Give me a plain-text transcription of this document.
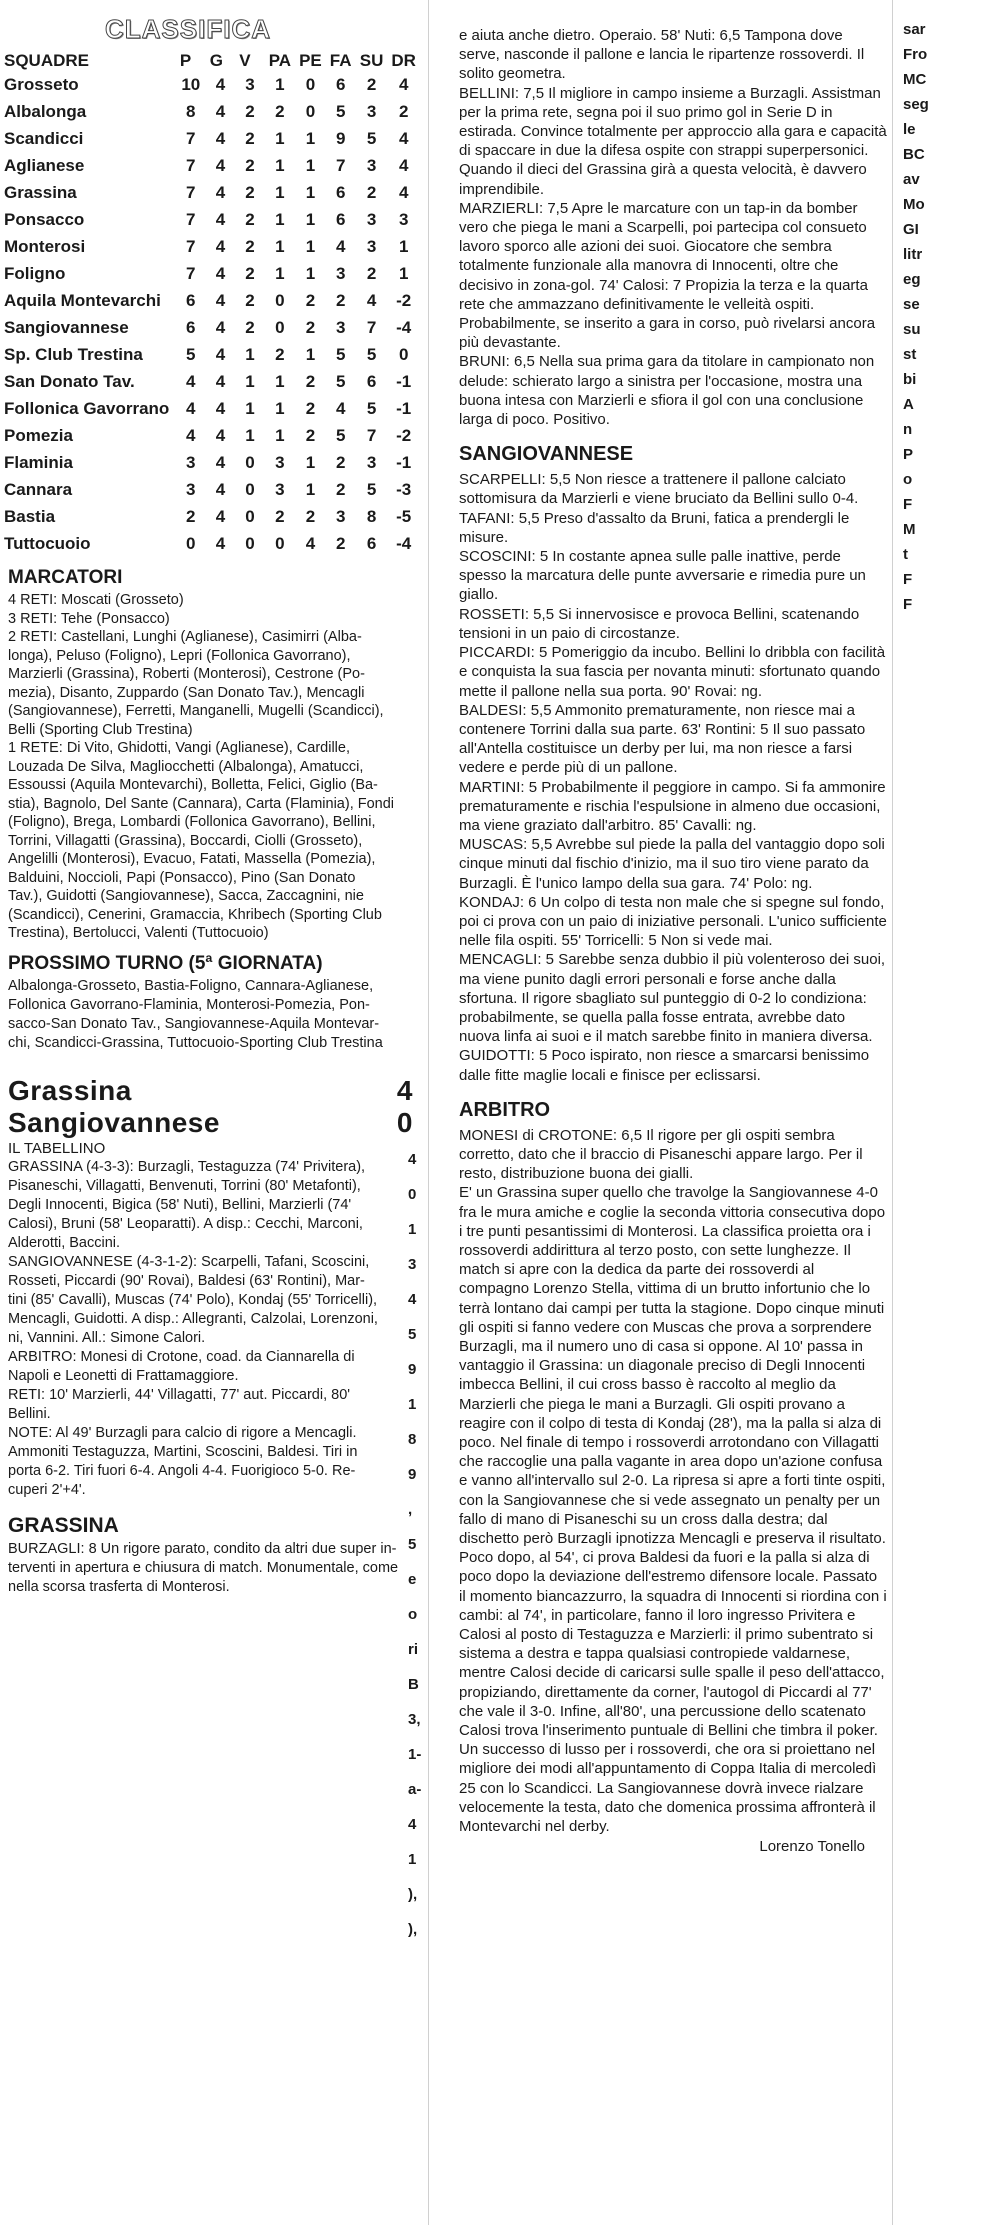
CLASSIFICA
SQUADRE	P	G	V	PA	PE	FA	SU	DR
Grosseto	10	4	3	1	0	6	2	4
Albalonga	8	4	2	2	0	5	3	2
Scandicci	7	4	2	1	1	9	5	4
Aglianese	7	4	2	1	1	7	3	4
Grassina	7	4	2	1	1	6	2	4
Ponsacco	7	4	2	1	1	6	3	3
Monterosi	7	4	2	1	1	4	3	1
Foligno	7	4	2	1	1	3	2	1
Aquila Montevarchi	6	4	2	0	2	2	4	-2
Sangiovannese	6	4	2	0	2	3	7	-4
Sp. Club Trestina	5	4	1	2	1	5	5	0
San Donato Tav.	4	4	1	1	2	5	6	-1
Follonica Gavorrano	4	4	1	1	2	4	5	-1
Pomezia	4	4	1	1	2	5	7	-2
Flaminia	3	4	0	3	1	2	3	-1
Cannara	3	4	0	3	1	2	5	-3
Bastia	2	4	0	2	2	3	8	-5
Tuttocuoio	0	4	0	0	4	2	6	-4
MARCATORI
4 RETI: Moscati (Grosseto)
3 RETI: Tehe (Ponsacco)
2 RETI: Castellani, Lunghi (Aglianese), Casimirri (Alba-
longa), Peluso (Foligno), Lepri (Follonica Gavorrano),
Marzierli (Grassina), Roberti (Monterosi), Cestrone (Po-
mezia), Disanto, Zuppardo (San Donato Tav.), Mencagli
(Sangiovannese), Ferretti, Manganelli, Mugelli (Scandicci),
Belli (Sporting Club Trestina)
1 RETE: Di Vito, Ghidotti, Vangi (Aglianese), Cardille,
Louzada De Silva, Magliocchetti (Albalonga), Amatucci,
Essoussi (Aquila Montevarchi), Bolletta, Felici, Giglio (Ba-
stia), Bagnolo, Del Sante (Cannara), Carta (Flaminia), Fondi
(Foligno), Brega, Lombardi (Follonica Gavorrano), Bellini,
Torrini, Villagatti (Grassina), Boccardi, Ciolli (Grosseto),
Angelilli (Monterosi), Evacuo, Fatati, Massella (Pomezia),
Balduini, Noccioli, Papi (Ponsacco), Pino (San Donato
Tav.), Guidotti (Sangiovannese), Sacca, Zaccagnini, nie
(Scandicci), Cenerini, Gramaccia, Khribech (Sporting Club
Trestina), Bertolucci, Valenti (Tuttocuoio)
PROSSIMO TURNO (5ª GIORNATA)
Albalonga-Grosseto, Bastia-Foligno, Cannara-Aglianese,
Follonica Gavorrano-Flaminia, Monterosi-Pomezia, Pon-
sacco-San Donato Tav., Sangiovannese-Aquila Montevar-
chi, Scandicci-Grassina, Tuttocuoio-Sporting Club Trestina
Grassina	4
Sangiovannese	0
IL TABELLINO
GRASSINA (4-3-3): Burzagli, Testaguzza (74' Privitera),
Pisaneschi, Villagatti, Benvenuti, Torrini (80' Metafonti),
Degli Innocenti, Bigica (58' Nuti), Bellini, Marzierli (74'
Calosi), Bruni (58' Leoparatti). A disp.: Cecchi, Marconi,
Alderotti, Baccini.
SANGIOVANNESE (4-3-1-2): Scarpelli, Tafani, Scoscini,
Rosseti, Piccardi (90' Rovai), Baldesi (63' Rontini), Mar-
tini (85' Cavalli), Muscas (74' Polo), Kondaj (55' Torricelli),
Mencagli, Guidotti. A disp.: Allegranti, Calzolai, Lorenzoni,
ni, Vannini. All.: Simone Calori.
ARBITRO: Monesi di Crotone, coad. da Ciannarella di
Napoli e Leonetti di Frattamaggiore.
RETI: 10' Marzierli, 44' Villagatti, 77' aut. Piccardi, 80'
Bellini.
NOTE: Al 49' Burzagli para calcio di rigore a Mencagli.
Ammoniti Testaguzza, Martini, Scoscini, Baldesi. Tiri in
porta 6-2. Tiri fuori 6-4. Angoli 4-4. Fuorigioco 5-0. Re-
cuperi 2'+4'.
GRASSINA
BURZAGLI: 8 Un rigore parato, condito da altri due super in-
terventi in apertura e chiusura di match. Monumentale, come
nella scorsa trasferta di Monterosi.

e aiuta anche dietro. Operaio. 58' Nuti: 6,5 Tampona dove serve, nasconde il pallone e lancia le ripartenze rossoverdi. Il solito geometra.

BELLINI: 7,5 Il migliore in campo insieme a Burzagli. Assistman per la prima rete, segna poi il suo primo gol in Serie D in estirada. Convince totalmente per approccio alla gara e capacità di spaccare in due la difesa ospite con strappi superpersonici. Quando il dieci del Grassina girà a questa velocità, è davvero imprendibile.

MARZIERLI: 7,5 Apre le marcature con un tap-in da bomber vero che piega le mani a Scarpelli, poi partecipa col consueto lavoro sporco alle azioni dei suoi. Giocatore che sembra totalmente funzionale alla manovra di Innocenti, oltre che decisivo in zona-gol. 74' Calosi: 7 Propizia la terza e la quarta rete che ammazzano definitivamente le velleità ospiti. Probabilmente, se inserito a gara in corso, può rivelarsi ancora più devastante.

BRUNI: 6,5 Nella sua prima gara da titolare in campionato non delude: schierato largo a sinistra per l'occasione, mostra una buona intesa con Marzierli e sfiora il gol con una conclusione larga di poco. Positivo.

SANGIOVANNESE

SCARPELLI: 5,5 Non riesce a trattenere il pallone calciato sottomisura da Marzierli e viene bruciato da Bellini sullo 0-4.

TAFANI: 5,5 Preso d'assalto da Bruni, fatica a prendergli le misure.

SCOSCINI: 5 In costante apnea sulle palle inattive, perde spesso la marcatura delle punte avversarie e rimedia pure un giallo.

ROSSETI: 5,5 Si innervosisce e provoca Bellini, scatenando tensioni in un paio di circostanze.

PICCARDI: 5 Pomeriggio da incubo. Bellini lo dribbla con facilità e conquista la sua fascia per novanta minuti: sfortunato quando mette il pallone nella sua porta. 90' Rovai: ng.

BALDESI: 5,5 Ammonito prematuramente, non riesce mai a contenere Torrini dalla sua parte. 63' Rontini: 5 Il suo passato all'Antella costituisce un derby per lui, ma non riesce a farsi vedere e perde più di un pallone.

MARTINI: 5 Probabilmente il peggiore in campo. Si fa ammonire prematuramente e rischia l'espulsione in almeno due occasioni, ma viene graziato dall'arbitro. 85' Cavalli: ng.

MUSCAS: 5,5 Avrebbe sul piede la palla del vantaggio dopo soli cinque minuti dal fischio d'inizio, ma il suo tiro viene parato da Burzagli. È l'unico lampo della sua gara. 74' Polo: ng.

KONDAJ: 6 Un colpo di testa non male che si spegne sul fondo, poi ci prova con un paio di iniziative personali. L'unico sufficiente nelle fila ospiti. 55' Torricelli: 5 Non si vede mai.

MENCAGLI: 5 Sarebbe senza dubbio il più volenteroso dei suoi, ma viene punito dagli errori personali e forse anche dalla sfortuna. Il rigore sbagliato sul punteggio di 0-2 lo condiziona: probabilmente, se quella palla fosse entrata, avrebbe dato nuova linfa ai suoi e il match sarebbe finito in maniera diversa.

GUIDOTTI: 5 Poco ispirato, non riesce a smarcarsi benissimo dalle fitte maglie locali e finisce per eclissarsi.

ARBITRO

MONESI di CROTONE: 6,5 Il rigore per gli ospiti sembra corretto, dato che il braccio di Pisaneschi appare largo. Per il resto, distribuzione buona dei gialli.

E' un Grassina super quello che travolge la Sangiovannese 4-0 fra le mura amiche e coglie la seconda vittoria consecutiva dopo i tre punti pesantissimi di Monterosi. La classifica proietta ora i rossoverdi addirittura al terzo posto, con sette lunghezze. Il match si apre con la dedica da parte dei rossoverdi al compagno Lorenzo Stella, vittima di un brutto infortunio che lo terrà lontano dai campi per tutta la stagione. Dopo cinque minuti gli ospiti si fanno vedere con Muscas che prova a sorprendere Burzagli, ma il numero uno di casa si oppone. Al 10' passa in vantaggio il Grassina: un diagonale preciso di Degli Innocenti imbecca Bellini, il cui cross basso è raccolto al meglio da Marzierli che piega le mani a Burzagli. Gli ospiti provano a reagire con il colpo di testa di Kondaj (28'), ma la palla si alza di poco. Nel finale di tempo i rossoverdi arrotondano con Villagatti che raccoglie una palla vagante in area dopo un'azione confusa e vanno all'intervallo sul 2-0. La ripresa si apre a forti tinte ospiti, con la Sangiovannese che si vede assegnato un penalty per un fallo di mano di Pisaneschi su un cross dalla destra; dal dischetto però Burzagli ipnotizza Mencagli e preserva il risultato. Poco dopo, al 54', ci prova Baldesi da fuori e la palla si alza di poco dopo la deviazione dell'estremo difensore locale. Passato il momento biancazzurro, la squadra di Innocenti si riordina con i cambi: al 74', in particolare, fanno il loro ingresso Privitera e Calosi al posto di Testaguzza e Marzierli: il primo subentrato si sistema a destra e tappa qualsiasi contropiede valdarnese, mentre Calosi decide di caricarsi sulle spalle il peso dell'attacco, propiziando, direttamente da corner, l'autogol di Piccardi al 77' che vale il 3-0. Infine, all'80', una percussione dello scatenato Calosi trova l'inserimento puntuale di Bellini che timbra il poker. Un successo di lusso per i rossoverdi, che ora si proiettano nel migliore dei modi all'appuntamento di Coppa Italia di mercoledì 25 con lo Scandicci. La Sangiovannese dovrà invece rialzare velocemente la testa, dato che domenica prossima affronterà il Montevarchi nel derby.

Lorenzo Tonello
sar
Fro
MC
seg
le
BC
av
Mo
GI
litr
eg
se
su
st
bi
A
n
P
o
F
M
t
F
F
4
0
1
3
4
5
9
1
8
9
,
5
e
o
ri
B
3,
1-
a-
4
1
),
),
